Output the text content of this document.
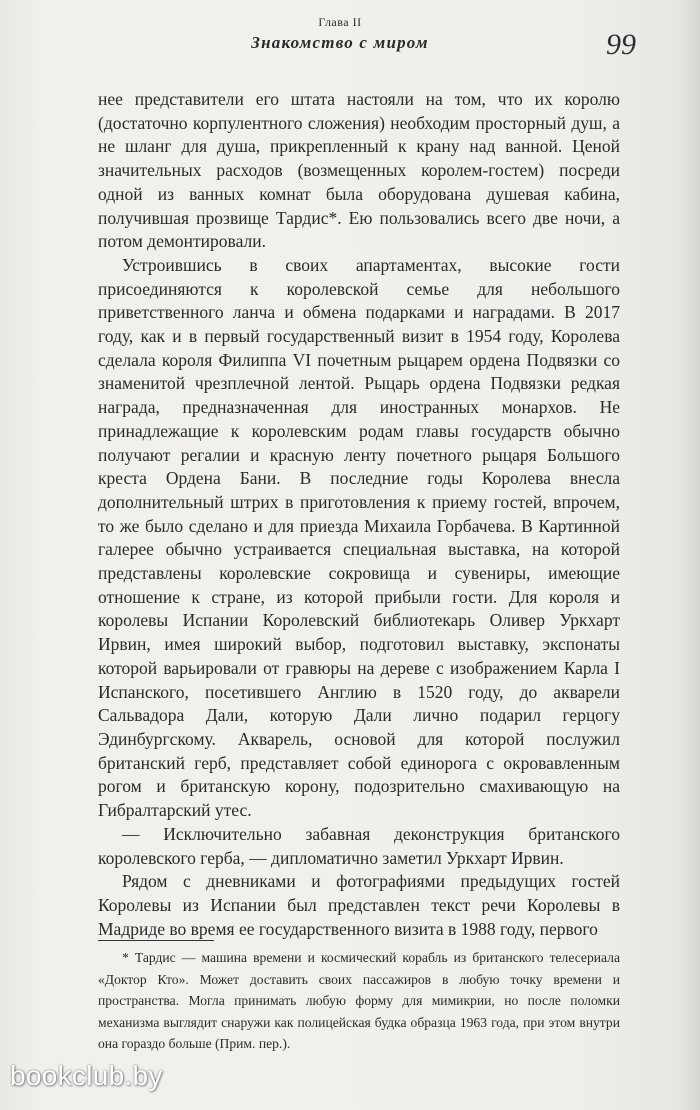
Глава II
Знакомство с миром	99

нее представители его штата настояли на том, что их королю (достаточно корпулентного сложения) необходим просторный душ, а не шланг для душа, прикрепленный к крану над ванной. Ценой значительных расходов (возмещенных королем-гостем) посреди одной из ванных комнат была оборудована душевая кабина, получившая прозвище Тардис*. Ею пользовались всего две ночи, а потом демонтировали.

Устроившись в своих апартаментах, высокие гости присоединяются к королевской семье для небольшого приветственного ланча и обмена подарками и наградами. В 2017 году, как и в первый государственный визит в 1954 году, Королева сделала короля Филиппа VI почетным рыцарем ордена Подвязки со знаменитой чрезплечной лентой. Рыцарь ордена Подвязки редкая награда, предназначенная для иностранных монархов. Не принадлежащие к королевским родам главы государств обычно получают регалии и красную ленту почетного рыцаря Большого креста Ордена Бани. В последние годы Королева внесла дополнительный штрих в приготовления к приему гостей, впрочем, то же было сделано и для приезда Михаила Горбачева. В Картинной галерее обычно устраивается специальная выставка, на которой представлены королевские сокровища и сувениры, имеющие отношение к стране, из которой прибыли гости. Для короля и королевы Испании Королевский библиотекарь Оливер Уркхарт Ирвин, имея широкий выбор, подготовил выставку, экспонаты которой варьировали от гравюры на дереве с изображением Карла I Испанского, посетившего Англию в 1520 году, до акварели Сальвадора Дали, которую Дали лично подарил герцогу Эдинбургскому. Акварель, основой для которой послужил британский герб, представляет собой единорога с окровавленным рогом и британскую корону, подозрительно смахивающую на Гибралтарский утес.

— Исключительно забавная деконструкция британского королевского герба, — дипломатично заметил Уркхарт Ирвин.

Рядом с дневниками и фотографиями предыдущих гостей Королевы из Испании был представлен текст речи Королевы в Мадриде во время ее государственного визита в 1988 году, первого

* Тардис — машина времени и космический корабль из британского телесериала «Доктор Кто». Может доставить своих пассажиров в любую точку времени и пространства. Могла принимать любую форму для мимикрии, но после поломки механизма выглядит снаружи как полицейская будка образца 1963 года, при этом внутри она гораздо больше (Прим. пер.).

bookclub.by
